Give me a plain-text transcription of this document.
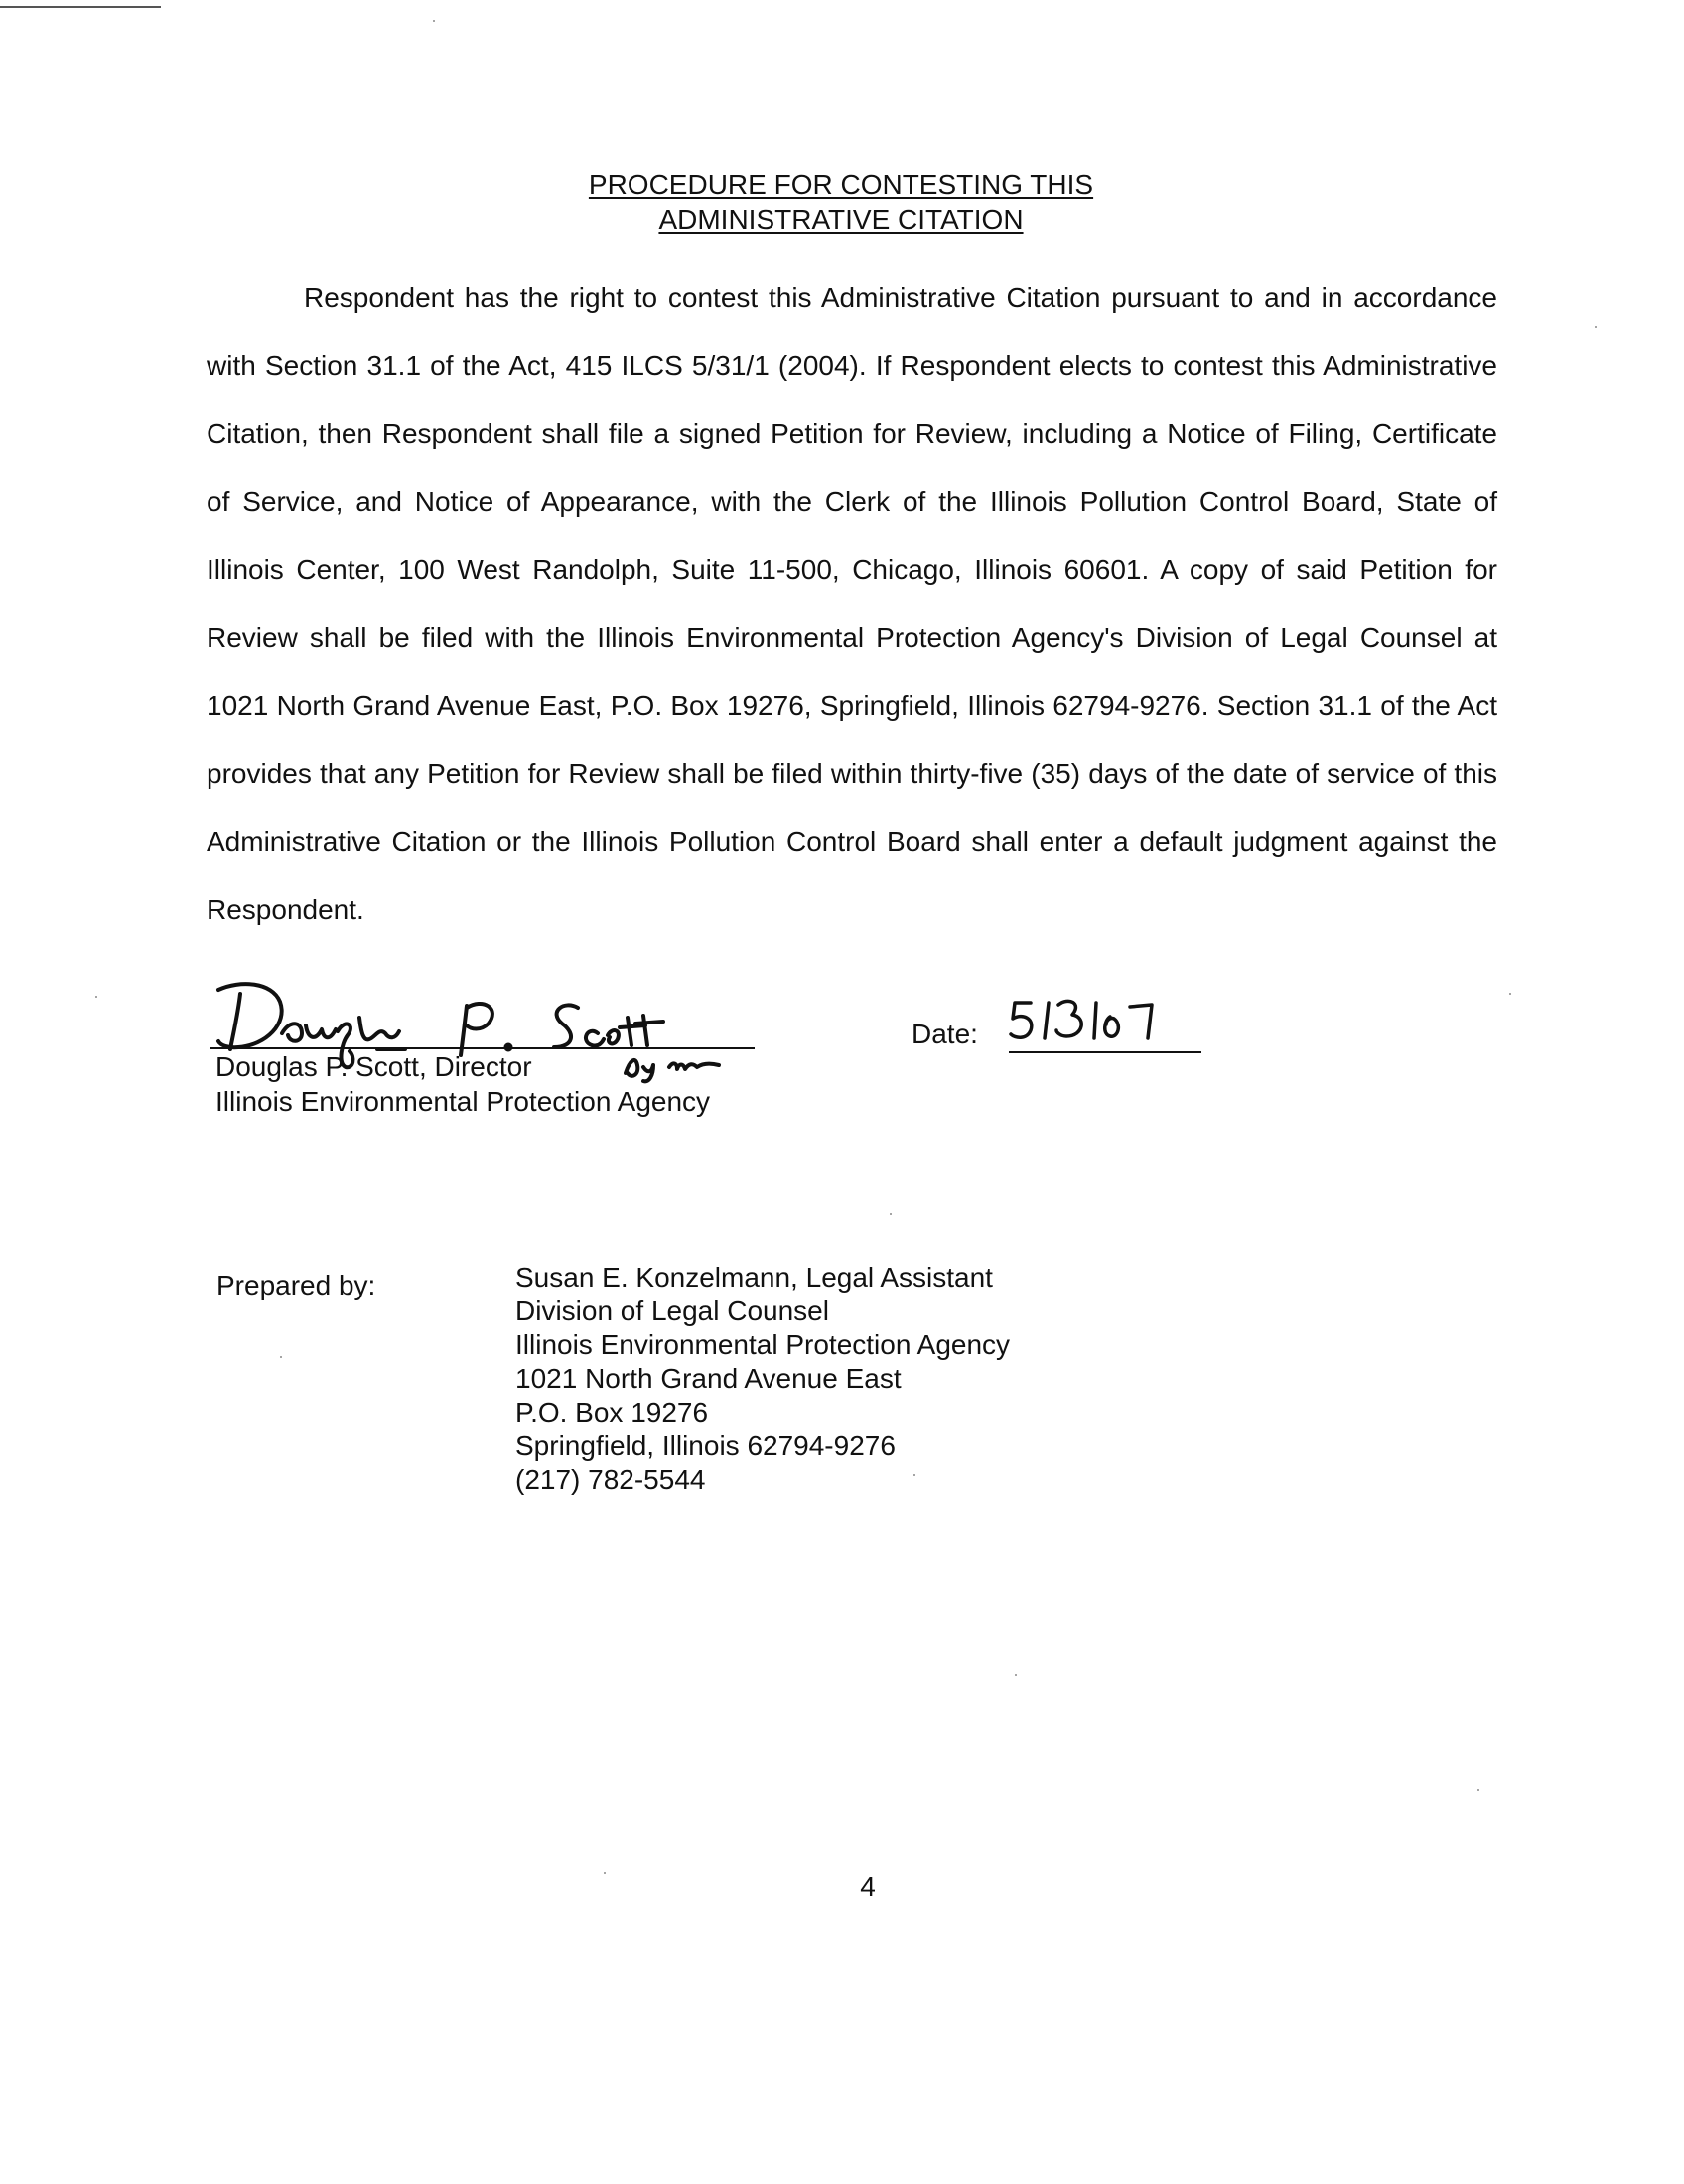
PROCEDURE FOR CONTESTING THIS
ADMINISTRATIVE CITATION

Respondent has the right to contest this Administrative Citation pursuant to and in accordance with Section 31.1 of the Act, 415 ILCS 5/31/1 (2004). If Respondent elects to contest this Administrative Citation, then Respondent shall file a signed Petition for Review, including a Notice of Filing, Certificate of Service, and Notice of Appearance, with the Clerk of the Illinois Pollution Control Board, State of Illinois Center, 100 West Randolph, Suite 11-500, Chicago, Illinois 60601. A copy of said Petition for Review shall be filed with the Illinois Environmental Protection Agency's Division of Legal Counsel at 1021 North Grand Avenue East, P.O. Box 19276, Springfield, Illinois 62794-9276. Section 31.1 of the Act provides that any Petition for Review shall be filed within thirty-five (35) days of the date of service of this Administrative Citation or the Illinois Pollution Control Board shall enter a default judgment against the Respondent.

Douglas P. Scott, Director
Illinois Environmental Protection Agency
Date:
Prepared by:	Susan E. Konzelmann, Legal Assistant
Division of Legal Counsel
Illinois Environmental Protection Agency
1021 North Grand Avenue East
P.O. Box 19276
Springfield, Illinois 62794-9276
(217) 782-5544
4
